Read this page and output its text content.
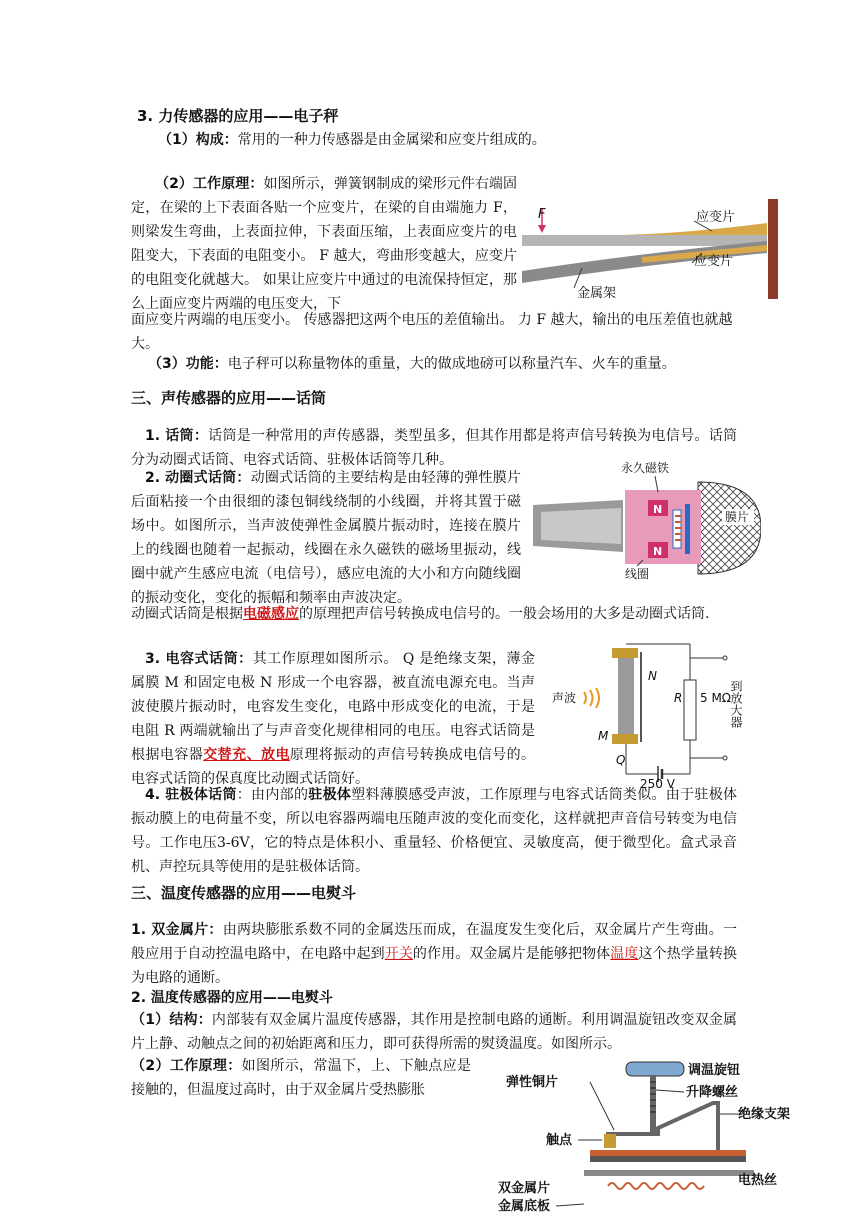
3. 力传感器的应用——电子秤

（1）构成：常用的一种力传感器是由金属梁和应变片组成的。

（2）工作原理：如图所示，弹簧钢制成的梁形元件右端固定，在梁的上下表面各贴一个应变片，在梁的自由端施力 F，则梁发生弯曲，上表面拉伸，下表面压缩，上表面应变片的电阻变大，下表面的电阻变小。 F 越大，弯曲形变越大，应变片的电阻变化就越大。 如果让应变片中通过的电流保持恒定，那么上面应变片两端的电压变大，下

面应变片两端的电压变小。 传感器把这两个电压的差值输出。 力 F 越大，输出的电压差值也就越大。

（3）功能：电子秤可以称量物体的重量，大的做成地磅可以称量汽车、火车的重量。

F	应变片
应变片
金属架
三、声传感器的应用——话筒

1. 话筒：话筒是一种常用的声传感器，类型虽多，但其作用都是将声信号转换为电信号。话筒分为动圈式话筒、电容式话筒、驻极体话筒等几种。

2. 动圈式话筒：动圈式话筒的主要结构是由轻薄的弹性膜片后面粘接一个由很细的漆包铜线绕制的小线圈，并将其置于磁场中。如图所示，当声波使弹性金属膜片振动时，连接在膜片上的线圈也随着一起振动，线圈在永久磁铁的磁场里振动，线圈中就产生感应电流（电信号），感应电流的大小和方向随线圈的振动变化，变化的振幅和频率由声波决定。

动圈式话筒是根据电磁感应的原理把声信号转换成电信号的。一般会场用的大多是动圈式话筒.

3. 电容式话筒：其工作原理如图所示。 Q 是绝缘支架，薄金属膜 M 和固定电极 N 形成一个电容器，被直流电源充电。当声波使膜片振动时，电容发生变化，电路中形成变化的电流，于是电阻 R 两端就输出了与声音变化规律相同的电压。电容式话筒是根据电容器交替充、放电原理将振动的声信号转换成电信号的。电容式话筒的保真度比动圈式话筒好。

4. 驻极体话筒：由内部的驻极体塑料薄膜感受声波，工作原理与电容式话筒类似。由于驻极体振动膜上的电荷量不变，所以电容器两端电压随声波的变化而变化，这样就把声音信号转变为电信号。工作电压3-6V，它的特点是体积小、重量轻、价格便宜、灵敏度高，便于微型化。盒式录音机、声控玩具等使用的是驻极体话筒。

N
N
膜片
永久磁铁
线圈
R 5 MΩ
到放大器
250 V
声波
N
M
Q
三、温度传感器的应用——电熨斗

1. 双金属片：由两块膨胀系数不同的金属迭压而成，在温度发生变化后，双金属片产生弯曲。一般应用于自动控温电路中，在电路中起到开关的作用。双金属片是能够把物体温度这个热学量转换为电路的通断。

2. 温度传感器的应用——电熨斗

（1）结构：内部装有双金属片温度传感器，其作用是控制电路的通断。利用调温旋钮改变双金属片上静、动触点之间的初始距离和压力，即可获得所需的熨烫温度。如图所示。

（2）工作原理：如图所示，常温下，上、下触点应是接触的，但温度过高时，由于双金属片受热膨胀

调温旋钮
升降螺丝
弹性铜片
绝缘支架
触点
电热丝
双金属片
金属底板
